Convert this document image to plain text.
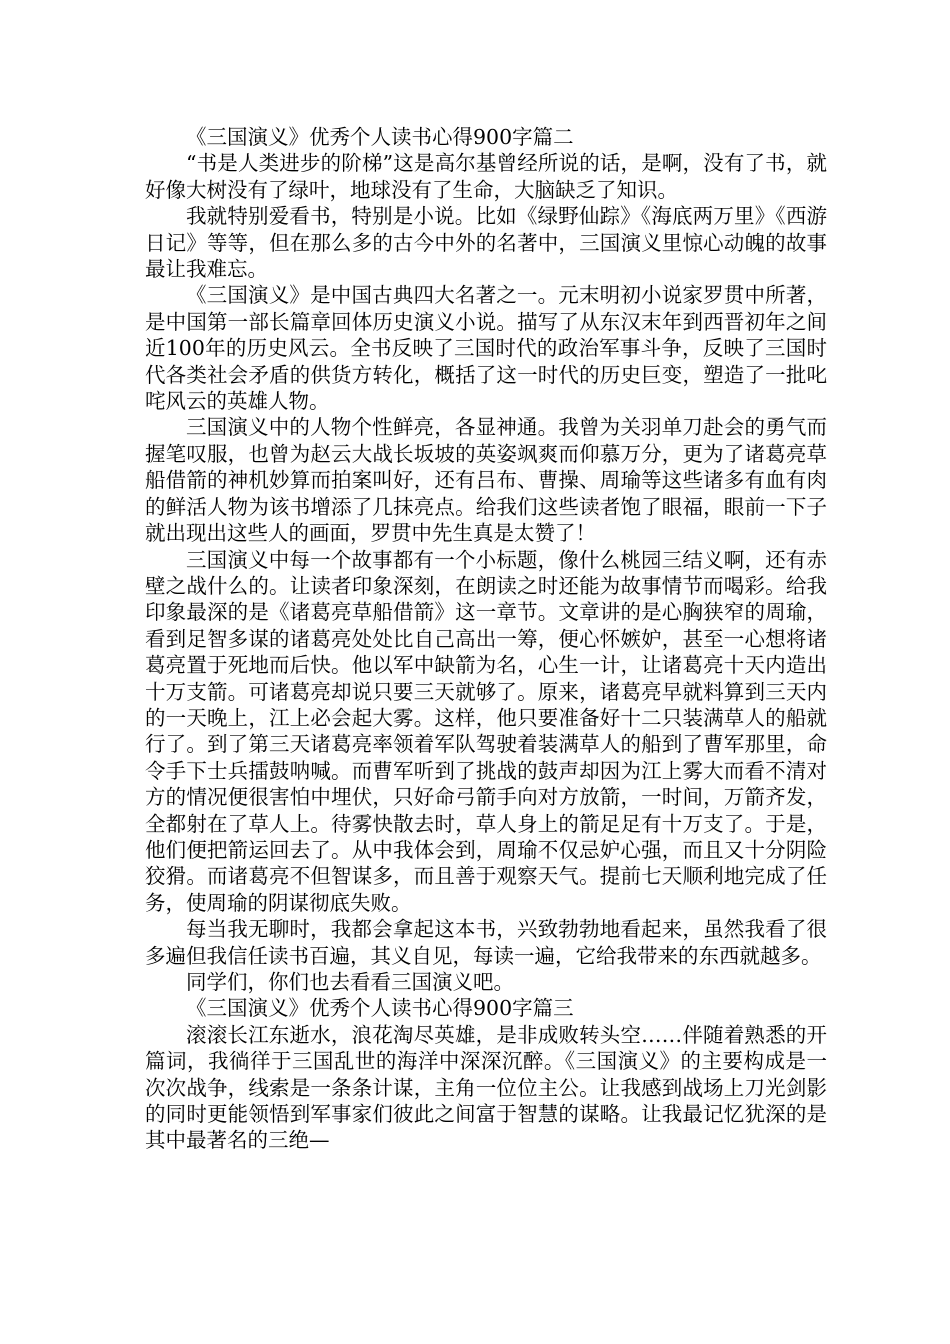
《三国演义》优秀个人读书心得900字篇二

“书是人类进步的阶梯”这是高尔基曾经所说的话，是啊，没有了书，就好像大树没有了绿叶，地球没有了生命，大脑缺乏了知识。

我就特别爱看书，特别是小说。比如《绿野仙踪》《海底两万里》《西游日记》等等，但在那么多的古今中外的名著中，三国演义里惊心动魄的故事最让我难忘。

《三国演义》是中国古典四大名著之一。元末明初小说家罗贯中所著，是中国第一部长篇章回体历史演义小说。描写了从东汉末年到西晋初年之间近100年的历史风云。全书反映了三国时代的政治军事斗争，反映了三国时代各类社会矛盾的供货方转化，概括了这一时代的历史巨变，塑造了一批叱咤风云的英雄人物。

三国演义中的人物个性鲜亮，各显神通。我曾为关羽单刀赴会的勇气而握笔叹服，也曾为赵云大战长坂坡的英姿飒爽而仰慕万分，更为了诸葛亮草船借箭的神机妙算而拍案叫好，还有吕布、曹操、周瑜等这些诸多有血有肉的鲜活人物为该书增添了几抹亮点。给我们这些读者饱了眼福，眼前一下子就出现出这些人的画面，罗贯中先生真是太赞了！

三国演义中每一个故事都有一个小标题，像什么桃园三结义啊，还有赤壁之战什么的。让读者印象深刻，在朗读之时还能为故事情节而喝彩。给我印象最深的是《诸葛亮草船借箭》这一章节。文章讲的是心胸狭窄的周瑜，看到足智多谋的诸葛亮处处比自己高出一筹，便心怀嫉妒，甚至一心想将诸葛亮置于死地而后快。他以军中缺箭为名，心生一计，让诸葛亮十天内造出十万支箭。可诸葛亮却说只要三天就够了。原来，诸葛亮早就料算到三天内的一天晚上，江上必会起大雾。这样，他只要准备好十二只装满草人的船就行了。到了第三天诸葛亮率领着军队驾驶着装满草人的船到了曹军那里，命令手下士兵擂鼓呐喊。而曹军听到了挑战的鼓声却因为江上雾大而看不清对方的情况便很害怕中埋伏，只好命弓箭手向对方放箭，一时间，万箭齐发，全都射在了草人上。待雾快散去时，草人身上的箭足足有十万支了。于是，他们便把箭运回去了。从中我体会到，周瑜不仅忌妒心强，而且又十分阴险狡猾。而诸葛亮不但智谋多，而且善于观察天气。提前七天顺利地完成了任务，使周瑜的阴谋彻底失败。

每当我无聊时，我都会拿起这本书，兴致勃勃地看起来，虽然我看了很多遍但我信任读书百遍，其义自见，每读一遍，它给我带来的东西就越多。

同学们，你们也去看看三国演义吧。

《三国演义》优秀个人读书心得900字篇三

滚滚长江东逝水，浪花淘尽英雄，是非成败转头空……伴随着熟悉的开篇词，我徜徉于三国乱世的海洋中深深沉醉。《三国演义》的主要构成是一次次战争，线索是一条条计谋，主角一位位主公。让我感到战场上刀光剑影的同时更能领悟到军事家们彼此之间富于智慧的谋略。让我最记忆犹深的是其中最著名的三绝—
